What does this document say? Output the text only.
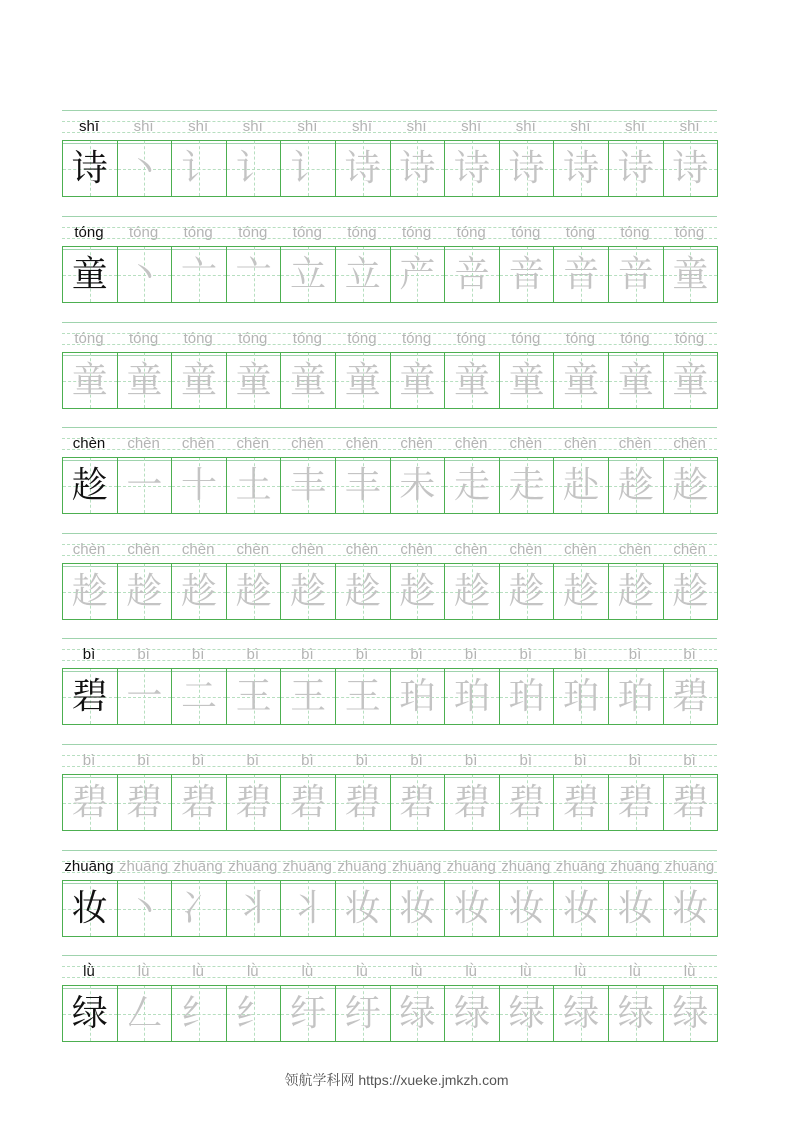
shī	shī	shī	shī	shī	shī	shī	shī	shī	shī	shī	shī
诗 丶 讠 讠 讠 诗 诗 诗 诗 诗 诗 诗
tóng	tóng	tóng	tóng	tóng	tóng	tóng	tóng	tóng	tóng	tóng	tóng
童 丶 亠 亠 立 立 产 咅 音 音 音 童
tóng	tóng	tóng	tóng	tóng	tóng	tóng	tóng	tóng	tóng	tóng	tóng
童 童 童 童 童 童 童 童 童 童 童 童
chèn	chèn	chèn	chèn	chèn	chèn	chèn	chèn	chèn	chèn	chèn	chèn
趁 一 十 土 丰 丰 未 走 走 赴 趁 趁
chèn	chèn	chèn	chèn	chèn	chèn	chèn	chèn	chèn	chèn	chèn	chèn
趁 趁 趁 趁 趁 趁 趁 趁 趁 趁 趁 趁
bì	bì	bì	bì	bì	bì	bì	bì	bì	bì	bì	bì
碧 一 二 王 王 王 珀 珀 珀 珀 珀 碧
bì	bì	bì	bì	bì	bì	bì	bì	bì	bì	bì	bì
碧 碧 碧 碧 碧 碧 碧 碧 碧 碧 碧 碧
zhuāng zhuāng zhuāng zhuāng zhuāng zhuāng zhuāng zhuāng zhuāng zhuāng zhuāng zhuāng
妆 丶 冫 丬 丬 妆 妆 妆 妆 妆 妆 妆
lǜ	lǜ	lǜ	lǜ	lǜ	lǜ	lǜ	lǜ	lǜ	lǜ	lǜ	lǜ
绿 𠃋 纟 纟 纡 纡 绿 绿 绿 绿 绿 绿
领航学科网 https://xueke.jmkzh.com
